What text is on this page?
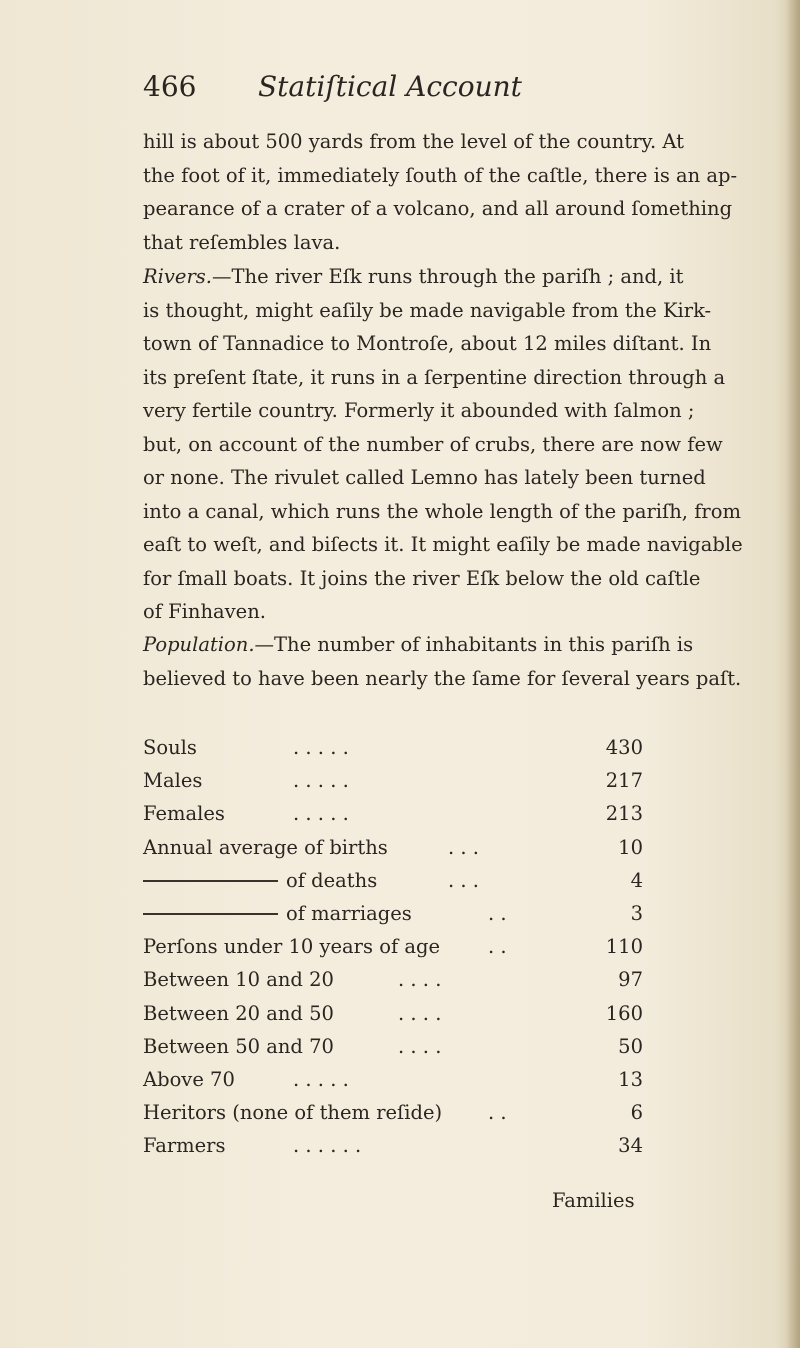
466 Statiſtical Account
hill is about 500 yards from the level of the country. At
the foot of it, immediately ſouth of the caſtle, there is an ap-
pearance of a crater of a volcano, and all around ſomething
that reſembles lava.
Rivers.—The river Eſk runs through the pariſh ; and, it
is thought, might eaſily be made navigable from the Kirk-
town of Tannadice to Montroſe, about 12 miles diſtant. In
its preſent ſtate, it runs in a ſerpentine direction through a
very fertile country. Formerly it abounded with ſalmon ;
but, on account of the number of crubs, there are now few
or none. The rivulet called Lemno has lately been turned
into a canal, which runs the whole length of the pariſh, from
eaſt to weſt, and biſects it. It might eaſily be made navigable
for ſmall boats. It joins the river Eſk below the old caſtle
of Finhaven.
Population.—The number of inhabitants in this pariſh is
believed to have been nearly the ſame for ſeveral years paſt.
Souls	. . . . .	430
Males	. . . . .	217
Females	. . . . .	213
Annual average of births	. . .	10
of deaths	. . .	4
of marriages	. .	3
Perſons under 10 years of age . .	110
Between 10 and 20	. . . .	97
Between 20 and 50	. . . .	160
Between 50 and 70	. . . .	50
Above 70	. . . . .	13
Heritors (none of them reſide) . .	6
Farmers	. . . . . .	34
Families
